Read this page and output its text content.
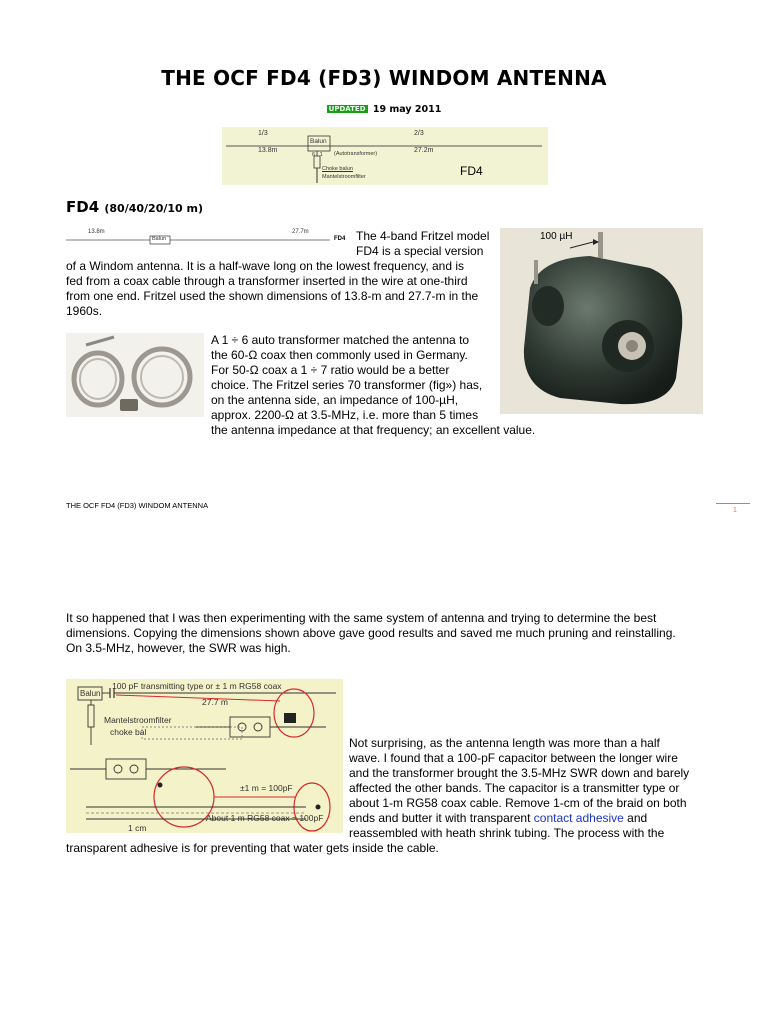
THE OCF FD4 (FD3) WINDOM ANTENNA
UPDATED 19 may 2011
1/3	2/3
13.8m	27.2m
Balun
6 : 1 (Autotransformer)
Choke balun
Mantelstroomfilter	FD4
FD4 (80/40/20/10 m)
13.8m
Balun
27.7m
FD4 The 4-band Fritzel model
FD4 is a special version
of a Windom antenna. It is a half-wave long on the lowest frequency, and is
fed from a coax cable through a transformer inserted in the wire at one-third
from one end. Fritzel used the shown dimensions of 13.8-m and 27.7-m in the
1960s.
100 µH
A 1 ÷ 6 auto transformer matched the antenna to
the 60-Ω coax then commonly used in Germany.
For 50-Ω coax a 1 ÷ 7 ratio would be a better
choice. The Fritzel series 70 transformer (fig») has,
on the antenna side, an impedance of 100-µH,
approx. 2200-Ω at 3.5-MHz, i.e. more than 5 times
the antenna impedance at that frequency; an excellent value.
THE OCF FD4 (FD3) WINDOM ANTENNA
1
It so happened that I was then experimenting with the same system of antenna and trying to determine the best
dimensions. Copying the dimensions shown above gave good results and saved me much pruning and reinstalling.
On 3.5-MHz, however, the SWR was high.
Balun
100 pF transmitting type or ± 1 m RG58 coax
27.7 m
Mantelstroomfilter
choke bal
±1 m = 100pF
About 1 m RG58 coax = 100pF
1 cm
Not surprising, as the antenna length was more than a half
wave. I found that a 100-pF capacitor between the longer wire
and the transformer brought the 3.5-MHz SWR down and barely
affected the other bands. The capacitor is a transmitter type or
about 1-m RG58 coax cable. Remove 1-cm of the braid on both
ends and butter it with transparent contact adhesive and
reassembled with heath shrink tubing. The process with the
transparent adhesive is for preventing that water gets inside the cable.
